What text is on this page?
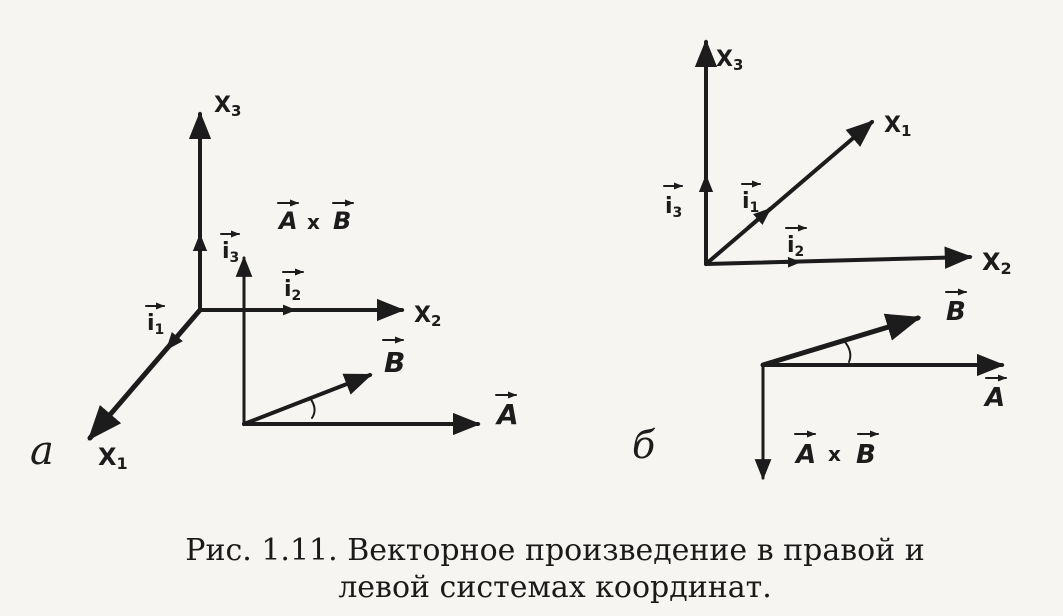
X3
X2
X1
i3
i2
i1
A x B
B
A
a
X3
X1
X2
i3	i1
i2
B
A
A x B
б
Рис. 1.11. Векторное произведение в правой и
левой системах координат.
